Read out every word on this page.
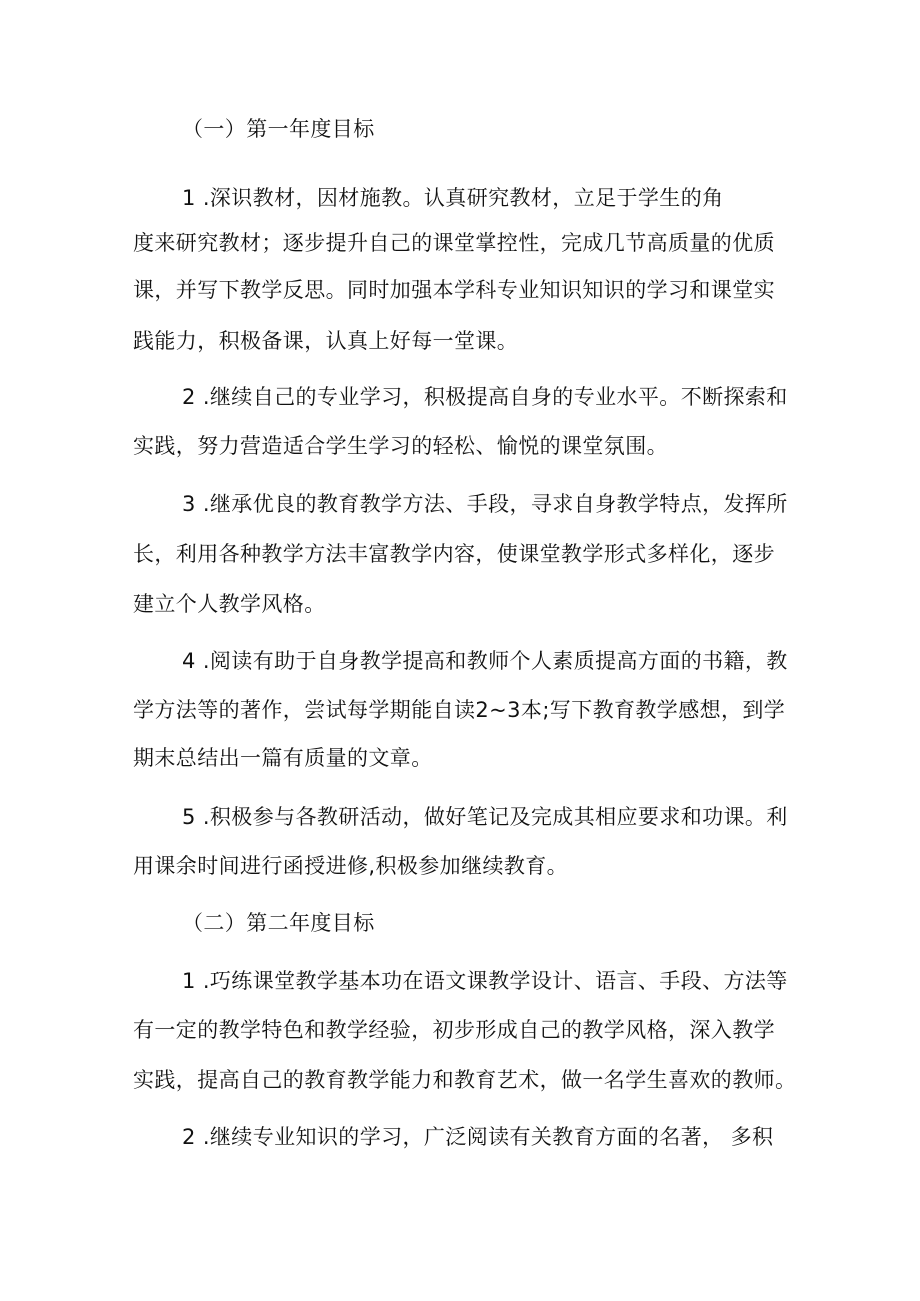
（一）第一年度目标

1 .深识教材，因材施教。认真研究教材，立足于学生的角

度来研究教材；逐步提升自己的课堂掌控性，完成几节高质量的优质

课，并写下教学反思。同时加强本学科专业知识知识的学习和课堂实

践能力，积极备课，认真上好每一堂课。

2 .继续自己的专业学习，积极提高自身的专业水平。不断探索和

实践，努力营造适合学生学习的轻松、愉悦的课堂氛围。

3 .继承优良的教育教学方法、手段，寻求自身教学特点，发挥所

长，利用各种教学方法丰富教学内容，使课堂教学形式多样化，逐步

建立个人教学风格。

4 .阅读有助于自身教学提高和教师个人素质提高方面的书籍，教

学方法等的著作，尝试每学期能自读2~3本;写下教育教学感想，到学

期末总结出一篇有质量的文章。

5 .积极参与各教研活动，做好笔记及完成其相应要求和功课。利

用课余时间进行函授进修,积极参加继续教育。

（二）第二年度目标

1 .巧练课堂教学基本功在语文课教学设计、语言、手段、方法等

有一定的教学特色和教学经验，初步形成自己的教学风格，深入教学

实践，提高自己的教育教学能力和教育艺术，做一名学生喜欢的教师。

2 .继续专业知识的学习，广泛阅读有关教育方面的名著， 多积
